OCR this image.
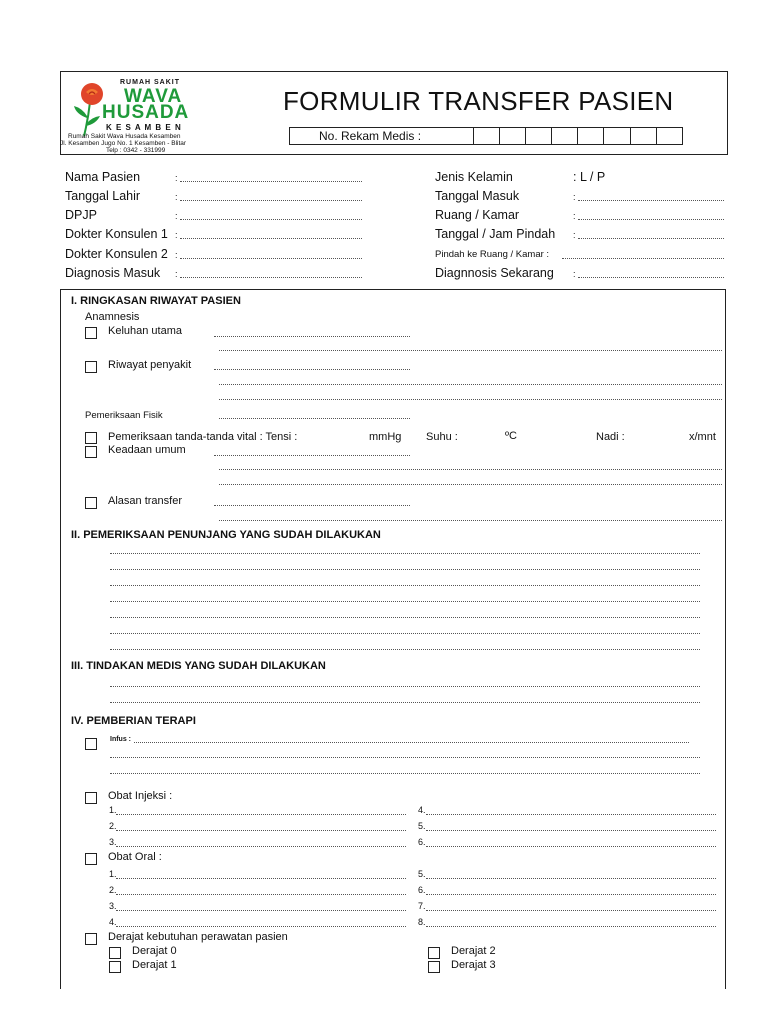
RUMAH SAKIT
WAVA
HUSADA
K E S A M B E N
Rumah Sakit Wava Husada Kesamben
Jl. Kesamben Jugo No. 1 Kesamben - Blitar
Telp : 0342 - 331999
FORMULIR TRANSFER PASIEN
No. Rekam Medis :
Nama Pasien	:
Tanggal Lahir	:
DPJP	:
Dokter Konsulen 1 :
Dokter Konsulen 2 :
Diagnosis Masuk :
Jenis Kelamin	: L / P
Tanggal Masuk	:
Ruang / Kamar	:
Tanggal / Jam Pindah :
Pindah ke Ruang / Kamar :
Diagnnosis Sekarang :
I. RINGKASAN RIWAYAT PASIEN
Anamnesis
Keluhan utama
Riwayat penyakit
Pemeriksaan Fisik
Pemeriksaan tanda-tanda vital : Tensi :	mmHg Suhu :	ºC	Nadi :	x/mnt
Keadaan umum
Alasan transfer
II. PEMERIKSAAN PENUNJANG YANG SUDAH DILAKUKAN
III. TINDAKAN MEDIS YANG SUDAH DILAKUKAN
IV. PEMBERIAN TERAPI
Infus :
Obat Injeksi :
1.
2.
3.
4.
5.
6.
Obat Oral :
1.
2.
3.
4.
5.
6.
7.
8.
Derajat kebutuhan perawatan pasien
Derajat 0
Derajat 1
Derajat 2
Derajat 3
